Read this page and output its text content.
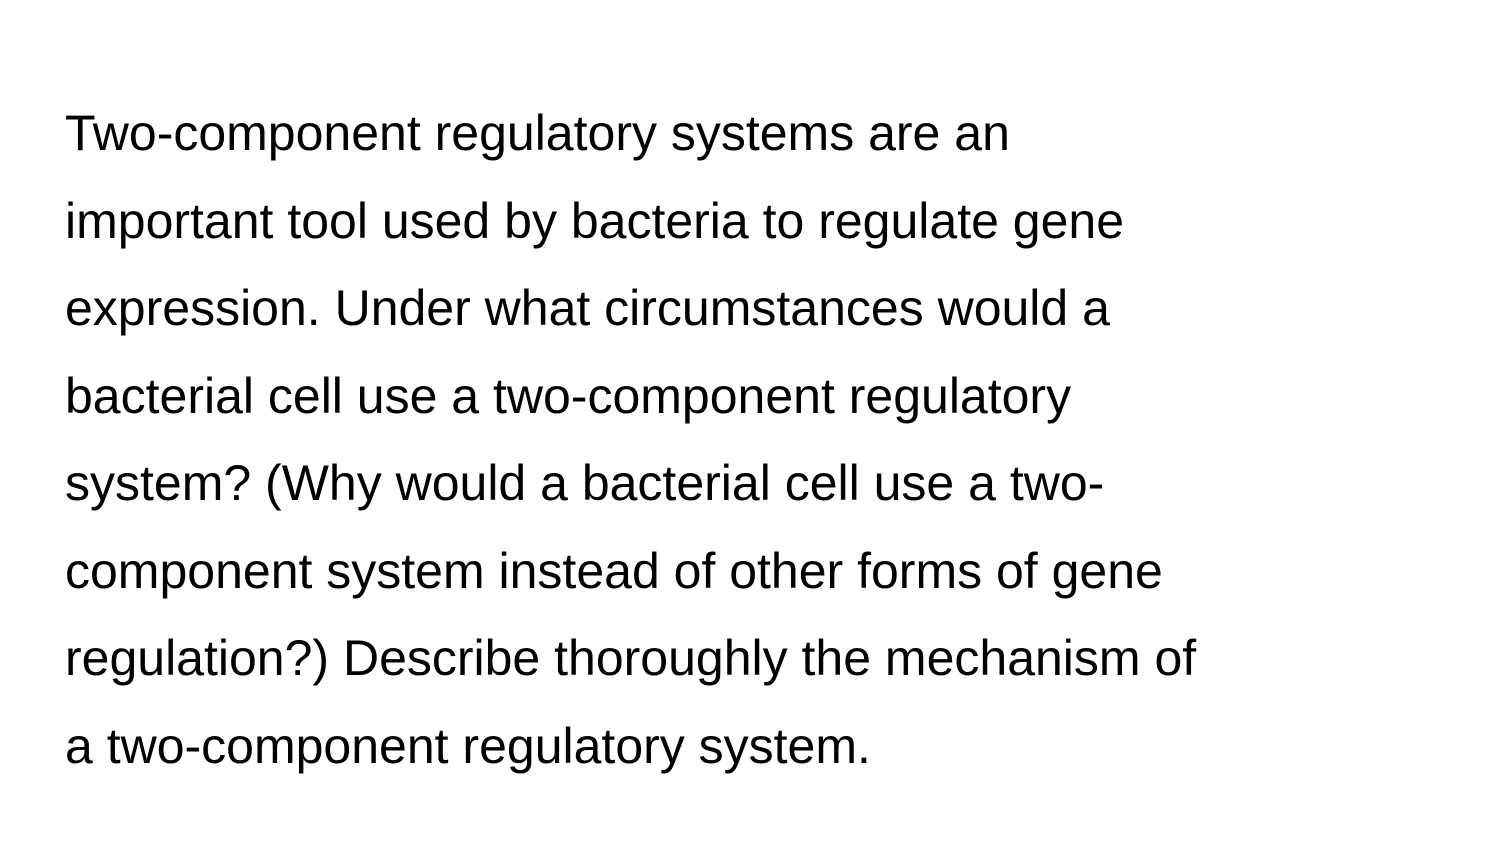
Two-component regulatory systems are an
important tool used by bacteria to regulate gene
expression. Under what circumstances would a
bacterial cell use a two-component regulatory
system? (Why would a bacterial cell use a two-
component system instead of other forms of gene
regulation?) Describe thoroughly the mechanism of
a two-component regulatory system.
